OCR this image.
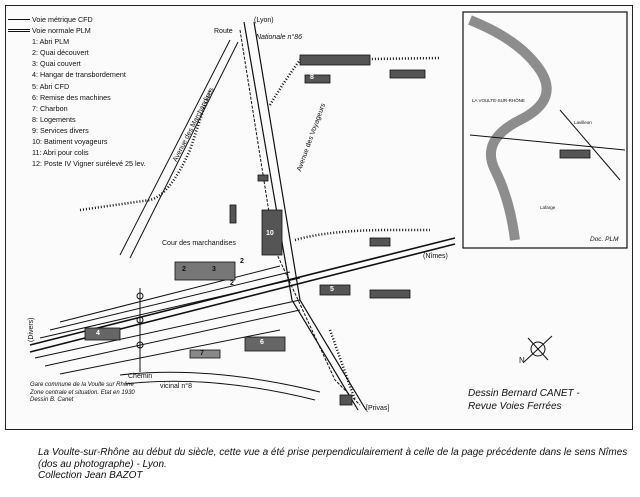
Voie métrique CFD
Voie normale PLM
1: Abri PLM
2: Quai découvert
3: Quai couvert
4: Hangar de transbordement
5: Abri CFD
6: Remise des machines
7: Charbon
8: Logements
9: Services divers
10: Batiment voyageurs
11: Abri pour colis
12: Poste IV Vigner surélevé 25 lev.
(Lyon)
Route
Nationale n°86
Avenue des Marchandises	Avenue des Voyageurs
Cour des marchandises
(Nîmes)
[Privas]
(Divers)
Chemin
vicinal n°8
N
2	3
2
2
10
4
8
7
6
5
Doc. PLM
LA VOULTE-SUR-RHÔNE
Lavilleon
Lafarge
Gare commune de la Voulte sur Rhône
Zone centrale et situation. Etat en 1930
Dessin B. Canet
Dessin Bernard CANET -
Revue Voies Ferrées
La Voulte-sur-Rhône au début du siècle, cette vue a été prise perpendiculairement à celle de la page précédente dans le sens Nîmes (dos au photographe) - Lyon.
Collection Jean BAZOT
